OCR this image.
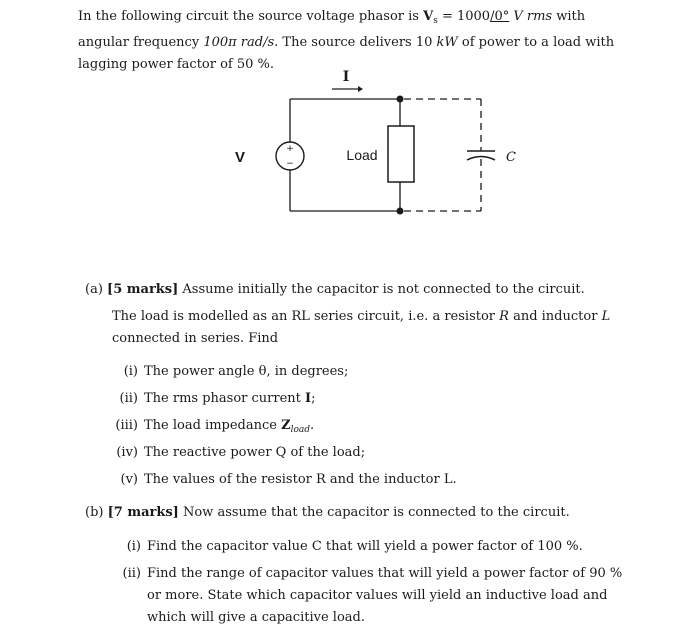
In the following circuit the source voltage phasor is $V_s = 1000/0^\circ$ V rms with angular frequency 100π rad/s. The source delivers 10 kW of power to a load with lagging power factor of 50 %.
+
−
I
V	Load	C
(a) [5 marks] Assume initially the capacitor is not connected to the circuit.
The load is modelled as an RL series circuit, i.e. a resistor R and inductor L connected in series. Find
(i) The power angle θ, in degrees;
(ii) The rms phasor current I;
(iii) The load impedance $Z_{load}$.
(iv) The reactive power Q of the load;
(v) The values of the resistor R and the inductor L.
(b) [7 marks] Now assume that the capacitor is connected to the circuit.
(i) Find the capacitor value C that will yield a power factor of 100 %.
(ii) Find the range of capacitor values that will yield a power factor of 90 % or more. State which capacitor values will yield an inductive load and which will give a capacitive load.
